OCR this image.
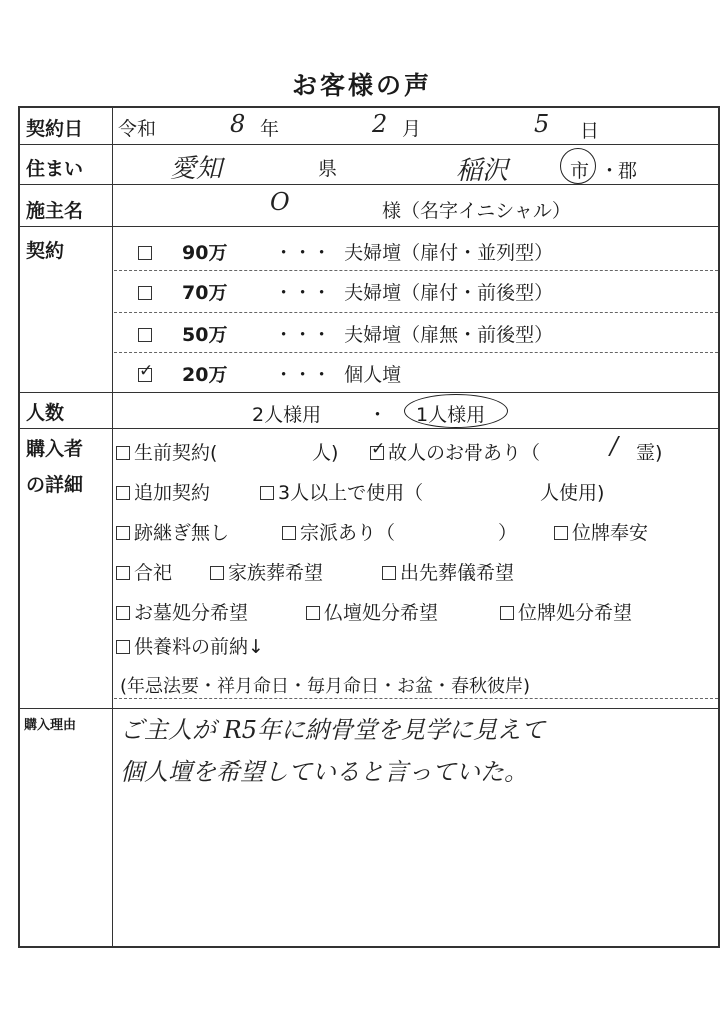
お客様の声
契約日 令和	8 年	2 月	5 日
住まい	愛知	県	稲沢	市 ・
郡
施主名	O	様（名字イニシャル）
契約	90万 ・・・ 夫婦壇（扉付・並列型）
70万 ・・・ 夫婦壇（扉付・前後型）
50万 ・・・ 夫婦壇（扉無・前後型）
✓ 20万 ・・・ 個人壇
人数	2人様用 ・ 1人様用
購入者
の詳細
生前契約(	人)
✓	故人のお骨あり（	/ 霊)
追加契約	3人以上で使用（	人使用)
跡継ぎ無し	宗派あり（	）	位牌奉安
合祀	家族葬希望	出先葬儀希望
お墓処分希望	仏壇処分希望	位牌処分希望
供養料の前納↓
(年忌法要・祥月命日・毎月命日・お盆・春秋彼岸)
購入理由 ご主人が R5年に納骨堂を見学に見えて
個人壇を希望していると言っていた。
